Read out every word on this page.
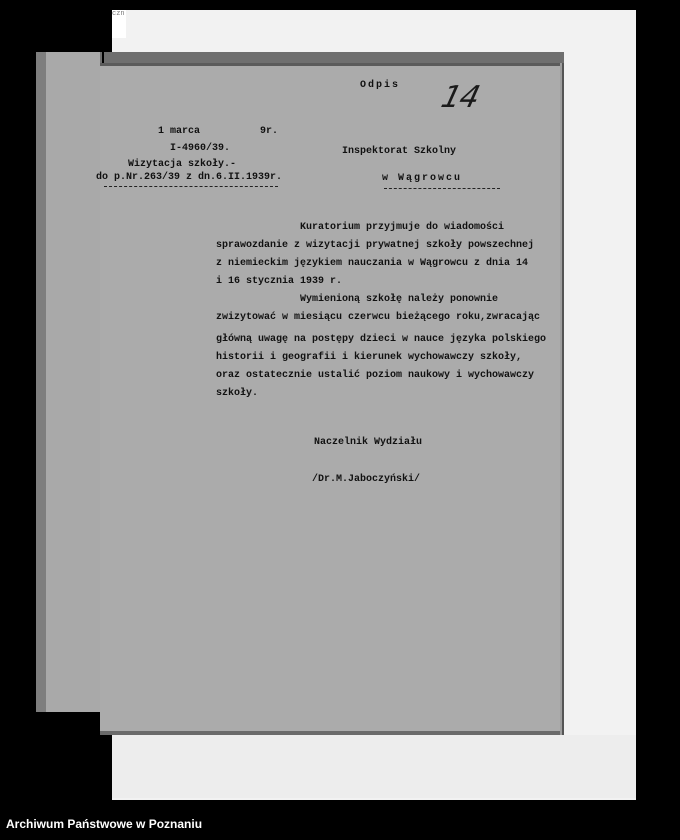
czn
Odpis 14
1 marca          9r.
I-4960/39.
Wizytacja szkoły.-
do p.Nr.263/39 z dn.6.II.1939r.
Inspektorat Szkolny
w Wągrowcu
Kuratorium przyjmuje do wiadomości
sprawozdanie z wizytacji prywatnej szkoły powszechnej
z niemieckim językiem nauczania w Wągrowcu z dnia 14
i 16 stycznia 1939 r.
Wymienioną szkołę należy ponownie
zwizytować w miesiącu czerwcu bieżącego roku,zwracając
główną uwagę na postępy dzieci w nauce języka polskiego
historii i geografii i kierunek wychowawczy szkoły,
oraz ostatecznie ustalić poziom naukowy i wychowawczy
szkoły.
Naczelnik Wydziału
/Dr.M.Jaboczyński/
Archiwum Państwowe w Poznaniu
